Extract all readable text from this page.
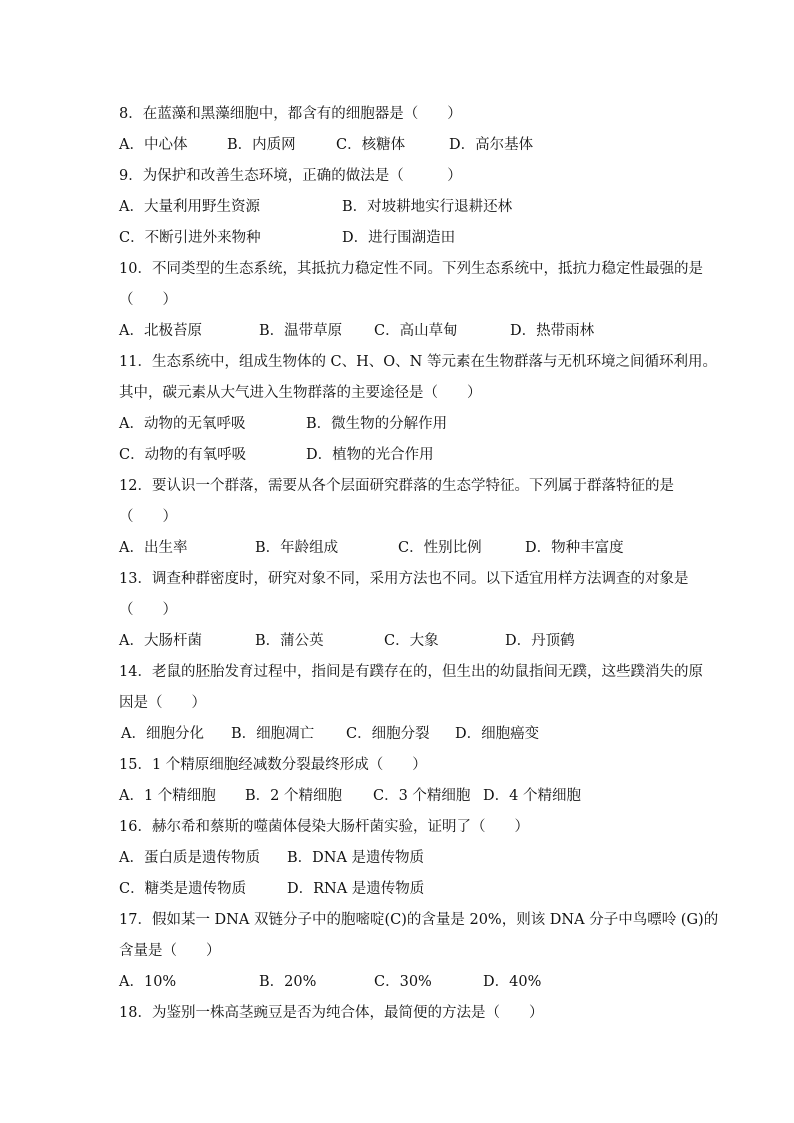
8．在蓝藻和黑藻细胞中，都含有的细胞器是（　　）
A．中心体	B．内质网	C．核糖体	D．高尔基体
9．为保护和改善生态环境，正确的做法是（　　　）
A．大量利用野生资源	B．对坡耕地实行退耕还林
C．不断引进外来物种	D．进行围湖造田
10．不同类型的生态系统，其抵抗力稳定性不同。下列生态系统中，抵抗力稳定性最强的是
（　　）
A．北极苔原	B．温带草原 C．高山草甸	D．热带雨林
11．生态系统中，组成生物体的 C、H、O、N 等元素在生物群落与无机环境之间循环利用。
其中，碳元素从大气进入生物群落的主要途径是（　　）
A．动物的无氧呼吸	B．微生物的分解作用
C．动物的有氧呼吸	D．植物的光合作用
12．要认识一个群落，需要从各个层面研究群落的生态学特征。下列属于群落特征的是
（　　）
A．出生率	B．年龄组成	C．性别比例	D．物种丰富度
13．调查种群密度时，研究对象不同，采用方法也不同。以下适宜用样方法调查的对象是
（　　）
A．大肠杆菌	B．蒲公英	C．大象	D．丹顶鹤
14．老鼠的胚胎发育过程中，指间是有蹼存在的，但生出的幼鼠指间无蹼，这些蹼消失的原
因是（　　）
A．细胞分化 B．细胞凋亡 C．细胞分裂 D．细胞癌变
15．1 个精原细胞经减数分裂最终形成（　　）
A．1 个精细胞 B．2 个精细胞 C．3 个精细胞 D．4 个精细胞
16．赫尔希和蔡斯的噬菌体侵染大肠杆菌实验，证明了（　　）
A．蛋白质是遗传物质 B．DNA 是遗传物质
C．糖类是遗传物质	D．RNA 是遗传物质
17．假如某一 DNA 双链分子中的胞嘧啶(C)的含量是 20%，则该 DNA 分子中鸟嘌呤 (G)的
含量是（　　）
A．10%	B．20%	C．30%	D．40%
18．为鉴别一株高茎豌豆是否为纯合体，最简便的方法是（　　）
